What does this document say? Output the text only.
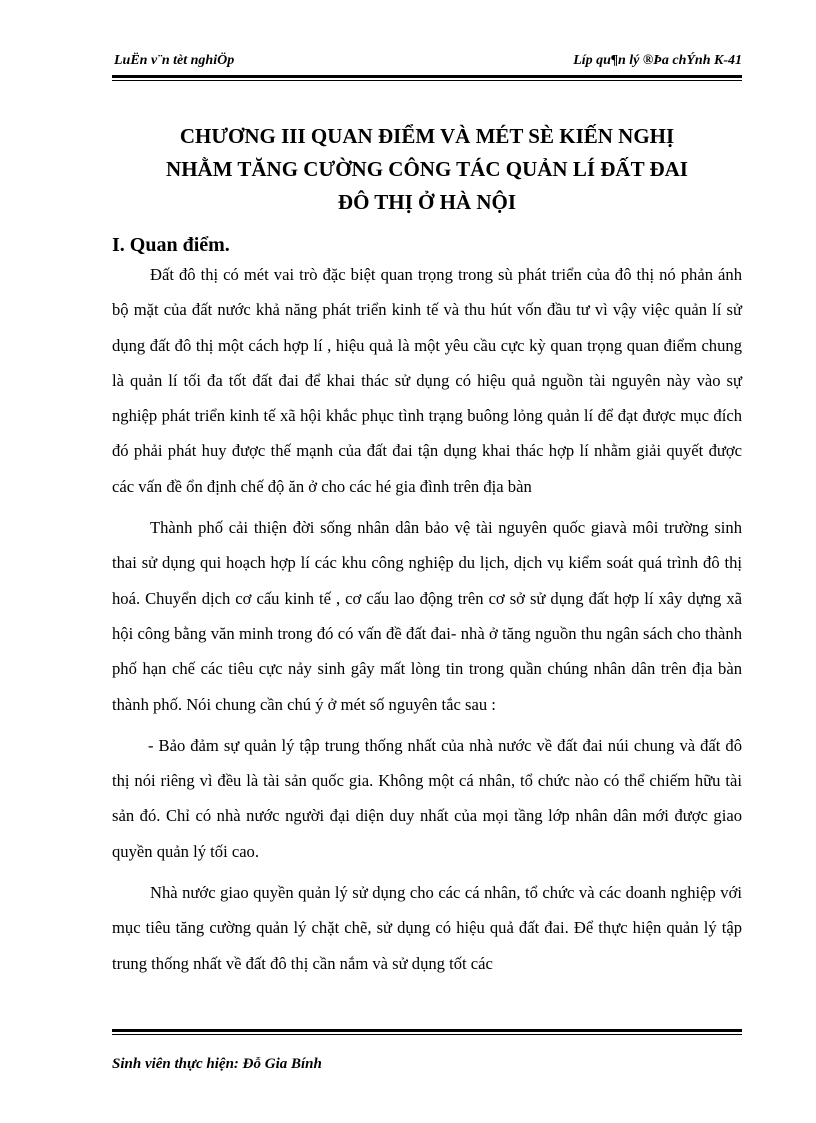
LuËn v¨n tèt nghiÖp	Líp qu¶n lý ®Þa chÝnh K-41
CHƯƠNG III QUAN ĐIỂM VÀ MÉT SÈ KIẾN NGHỊ
NHẰM TĂNG CƯỜNG CÔNG TÁC QUẢN LÍ ĐẤT ĐAI
ĐÔ THỊ Ở HÀ NỘI
I. Quan điểm.

Đất đô thị có mét vai trò đặc biệt quan trọng trong sù phát triển của đô thị nó phản ánh bộ mặt của đất nước khả năng phát triển kinh tế và thu hút vốn đầu tư vì vậy việc quản lí sử dụng đất đô thị một cách hợp lí , hiệu quả là một yêu cầu cực kỳ quan trọng quan điểm chung là quản lí tối đa tốt đất đai để khai thác sử dụng có hiệu quả nguồn tài nguyên này vào sự nghiệp phát triển kinh tế xã hội khắc phục tình trạng buông lỏng quản lí để đạt được mục đích đó phải phát huy được thế mạnh của đất đai tận dụng khai thác hợp lí nhằm giải quyết được các vấn đề ổn định chế độ ăn ở cho các hé gia đình trên địa bàn

Thành phố cải thiện đời sống nhân dân bảo vệ tài nguyên quốc giavà môi trường sinh thai sử dụng qui hoạch hợp lí các khu công nghiệp du lịch, dịch vụ kiểm soát quá trình đô thị hoá. Chuyển dịch cơ cấu kinh tế , cơ cấu lao động trên cơ sở sử dụng đất hợp lí xây dựng xã hội công bằng văn minh trong đó có vấn đề đất đai- nhà ở tăng nguồn thu ngân sách cho thành phố hạn chế các tiêu cực nảy sinh gây mất lòng tin trong quần chúng nhân dân trên địa bàn thành phố. Nói chung cần chú ý ở mét số nguyên tắc sau :

- Bảo đảm sự quản lý tập trung thống nhất của nhà nước về đất đai núi chung và đất đô thị nói riêng vì đều là tài sản quốc gia. Không một cá nhân, tổ chức nào có thể chiếm hữu tài sản đó. Chỉ có nhà nước người đại diện duy nhất của mọi tầng lớp nhân dân mới được giao quyền quản lý tối cao.

Nhà nước giao quyền quản lý sử dụng cho các cá nhân, tổ chức và các doanh nghiệp với mục tiêu tăng cường quản lý chặt chẽ, sử dụng có hiệu quả đất đai. Để thực hiện quản lý tập trung thống nhất về đất đô thị cần nắm và sử dụng tốt các

Sinh viên thực hiện: Đỗ Gia Bính
